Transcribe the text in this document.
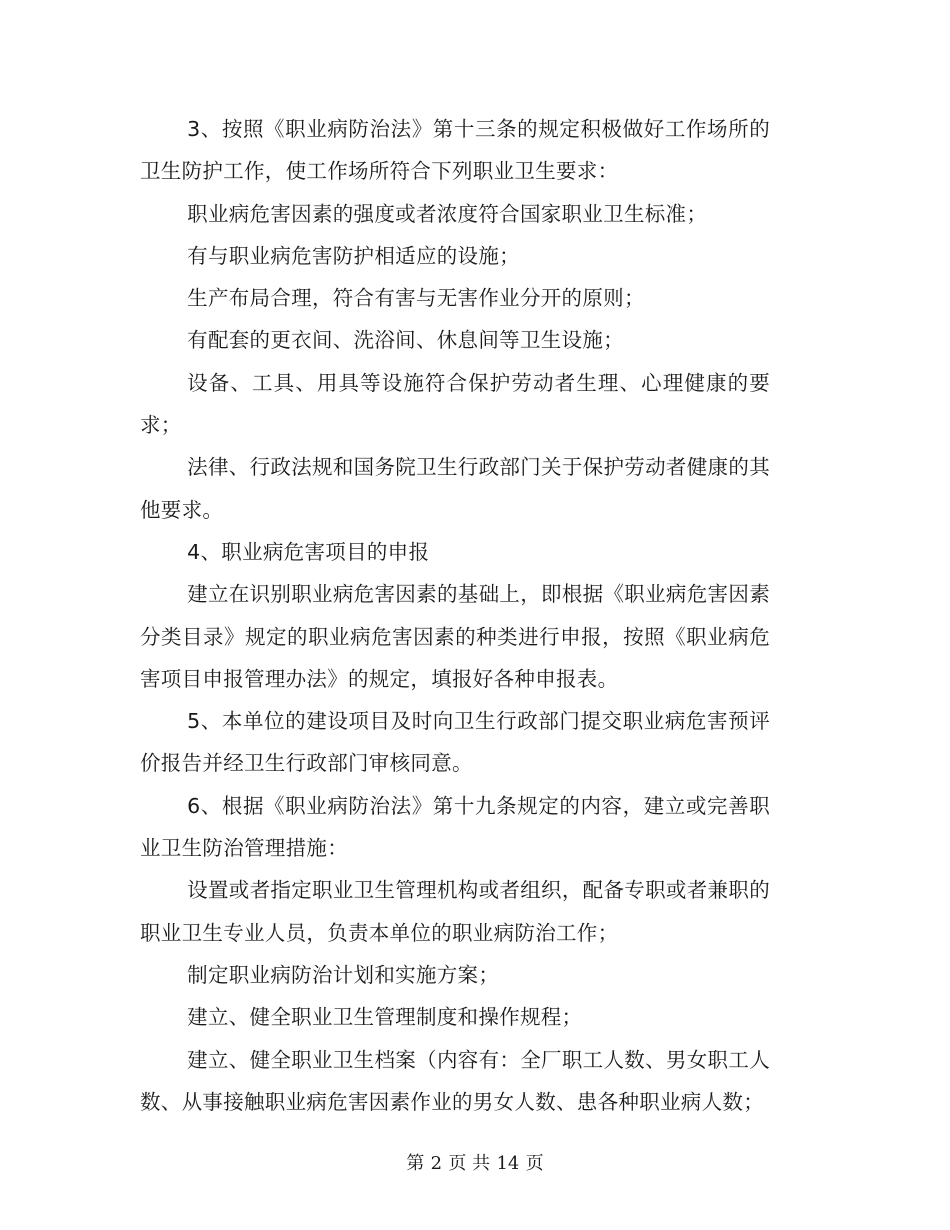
3、按照《职业病防治法》第十三条的规定积极做好工作场所的卫生防护工作，使工作场所符合下列职业卫生要求：

职业病危害因素的强度或者浓度符合国家职业卫生标准；

有与职业病危害防护相适应的设施；

生产布局合理，符合有害与无害作业分开的原则；

有配套的更衣间、洗浴间、休息间等卫生设施；

设备、工具、用具等设施符合保护劳动者生理、心理健康的要求；

法律、行政法规和国务院卫生行政部门关于保护劳动者健康的其他要求。

4、职业病危害项目的申报

建立在识别职业病危害因素的基础上，即根据《职业病危害因素分类目录》规定的职业病危害因素的种类进行申报，按照《职业病危害项目申报管理办法》的规定，填报好各种申报表。

5、本单位的建设项目及时向卫生行政部门提交职业病危害预评价报告并经卫生行政部门审核同意。

6、根据《职业病防治法》第十九条规定的内容，建立或完善职业卫生防治管理措施：

设置或者指定职业卫生管理机构或者组织，配备专职或者兼职的职业卫生专业人员，负责本单位的职业病防治工作；

制定职业病防治计划和实施方案；

建立、健全职业卫生管理制度和操作规程；

建立、健全职业卫生档案（内容有：全厂职工人数、男女职工人数、从事接触职业病危害因素作业的男女人数、患各种职业病人数；

第 2 页 共 14 页
